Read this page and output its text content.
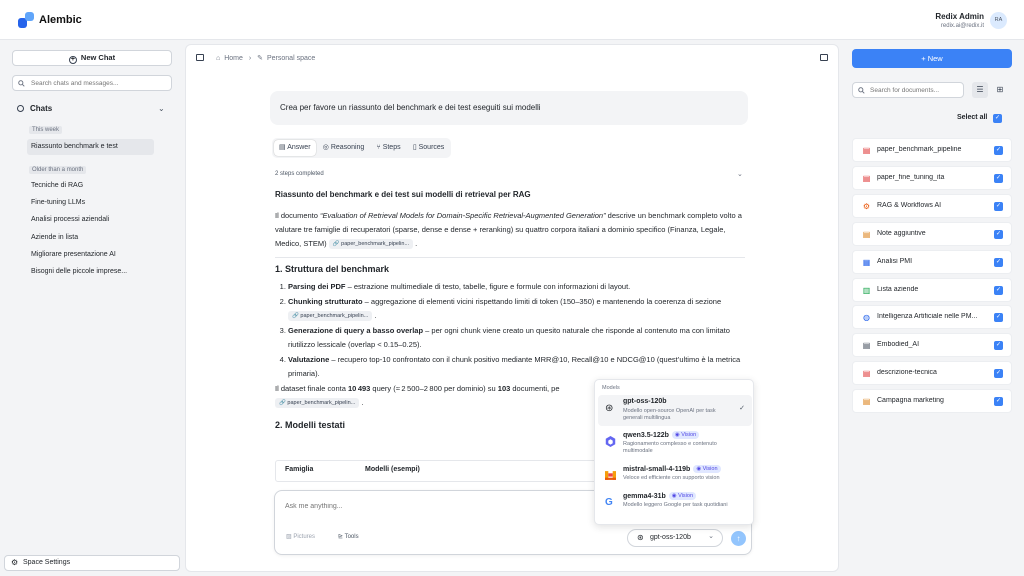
Alembic	Redix Admin
redix.ai@redix.it
RA
+ New Chat
Search chats and messages...
Chats	⌄
This week
Riassunto benchmark e test
Older than a month
Tecniche di RAG
Fine-tuning LLMs
Analisi processi aziendali
Aziende in lista
Migliorare presentazione AI
Bisogni delle piccole imprese...
⚙ Space Settings
⌂ Home › ✎ Personal space
Crea per favore un riassunto del benchmark e dei test eseguiti sui modelli
▤ Answer ◎ Reasoning ⑂ Steps ▯ Sources
2 steps completed	⌄
Riassunto del benchmark e dei test sui modelli di retrieval per RAG
Il documento “Evaluation of Retrieval Models for Domain-Specific Retrieval-Augmented Generation” descrive un benchmark completo volto a valutare tre famiglie di recuperatori (sparse, dense e dense + reranking) su quattro corpora italiani a dominio specifico (Finanza, Legale, Medico, STEM) 🔗 paper_benchmark_pipelin... .
1. Struttura del benchmark
1. Parsing dei PDF – estrazione multimediale di testo, tabelle, figure e formule con informazioni di layout.
2. Chunking strutturato – aggregazione di elementi vicini rispettando limiti di token (150–350) e mantenendo la coerenza di sezione 🔗 paper_benchmark_pipelin... .
3. Generazione di query a basso overlap – per ogni chunk viene creato un quesito naturale che risponde al contenuto ma con limitato riutilizzo lessicale (overlap < 0.15–0.25).
4. Valutazione – recupero top-10 confrontato con il chunk positivo mediante MRR@10, Recall@10 e NDCG@10 (quest’ultimo è la metrica primaria).
Il dataset finale conta 10 493 query (≈ 2 500–2 800 per dominio) su 103 documenti, pe
🔗 paper_benchmark_pipelin... .
2. Modelli testati
Famiglia	Modelli (esempi)
Ask me anything...
▨ Pictures	⊵ Tools	⊛ gpt-oss-120b ⌄	↑
Models
⊛
gpt-oss-120b
Modello open-source OpenAI per task generali multilingua
✓
qwen3.5-122b ◉ Vision
Ragionamento complesso e contenuto multimodale
mistral-small-4-119b ◉ Vision
Veloce ed efficiente con supporto vision
G
gemma4-31b ◉ Vision
Modello leggero Google per task quotidiani
+ New
Search for documents...
☰	⊞
Select all	✓
▤ paper_benchmark_pipeline	✓
▤ paper_fine_tuning_ita	✓
⚙ RAG & Workflows AI	✓
▤ Note aggiuntive	✓
▦ Analisi PMI	✓
▥ Lista aziende	✓
◍ Intelligenza Artificiale nelle PM...	✓
▤ Embodied_AI	✓
▤ descrizione-tecnica	✓
▤ Campagna marketing	✓
